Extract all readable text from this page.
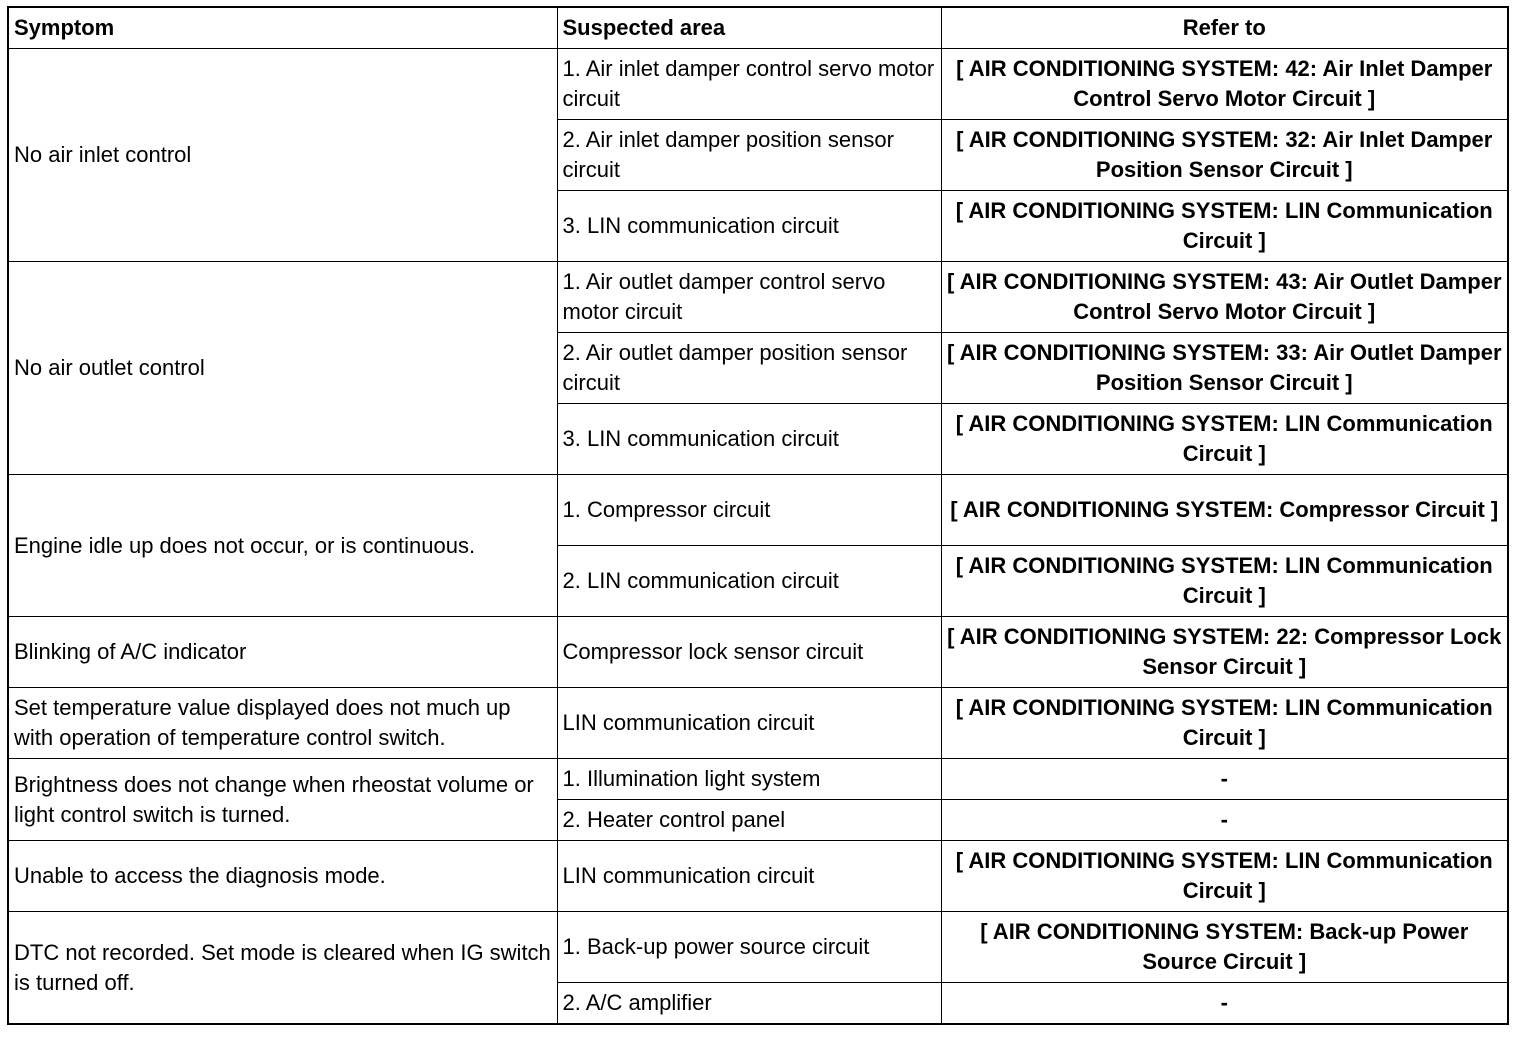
Symptom	Suspected area	Refer to
No air inlet control	1. Air inlet damper control servo motor circuit	[ AIR CONDITIONING SYSTEM: 42: Air Inlet Damper Control Servo Motor Circuit ]
	2. Air inlet damper position sensor circuit	[ AIR CONDITIONING SYSTEM: 32: Air Inlet Damper Position Sensor Circuit ]
	3. LIN communication circuit	[ AIR CONDITIONING SYSTEM: LIN Communication Circuit ]
No air outlet control	1. Air outlet damper control servo motor circuit	[ AIR CONDITIONING SYSTEM: 43: Air Outlet Damper Control Servo Motor Circuit ]
	2. Air outlet damper position sensor circuit	[ AIR CONDITIONING SYSTEM: 33: Air Outlet Damper Position Sensor Circuit ]
	3. LIN communication circuit	[ AIR CONDITIONING SYSTEM: LIN Communication Circuit ]
Engine idle up does not occur, or is continuous.	1. Compressor circuit	[ AIR CONDITIONING SYSTEM: Compressor Circuit ]
	2. LIN communication circuit	[ AIR CONDITIONING SYSTEM: LIN Communication Circuit ]
Blinking of A/C indicator	Compressor lock sensor circuit	[ AIR CONDITIONING SYSTEM: 22: Compressor Lock Sensor Circuit ]
Set temperature value displayed does not much up with operation of temperature control switch.	LIN communication circuit	[ AIR CONDITIONING SYSTEM: LIN Communication Circuit ]
Brightness does not change when rheostat volume or light control switch is turned.	1. Illumination light system	-
	2. Heater control panel	-
Unable to access the diagnosis mode.	LIN communication circuit	[ AIR CONDITIONING SYSTEM: LIN Communication Circuit ]
DTC not recorded. Set mode is cleared when IG switch is turned off.	1. Back-up power source circuit	[ AIR CONDITIONING SYSTEM: Back-up Power Source Circuit ]
	2. A/C amplifier	-
